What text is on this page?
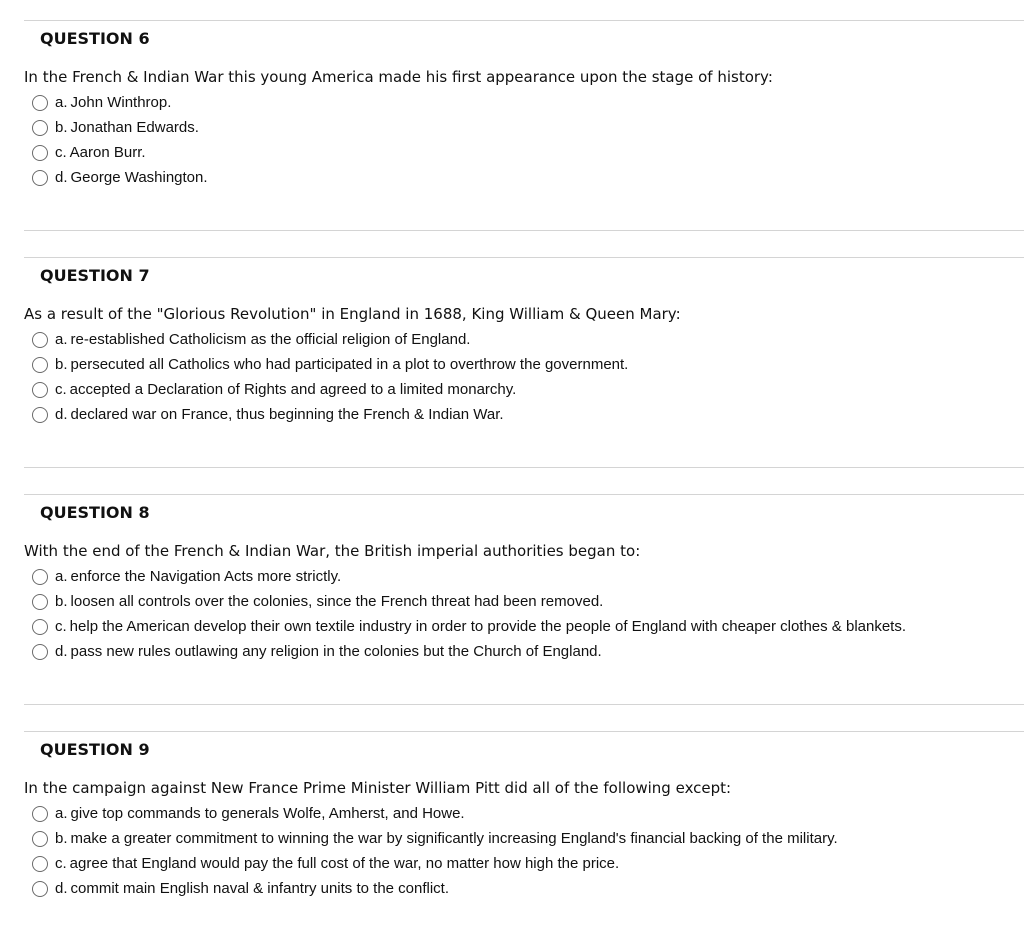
QUESTION 6
In the French & Indian War this young America made his first appearance upon the stage of history:
a. John Winthrop.
b. Jonathan Edwards.
c. Aaron Burr.
d. George Washington.
QUESTION 7
As a result of the "Glorious Revolution" in England in 1688, King William & Queen Mary:
a. re-established Catholicism as the official religion of England.
b. persecuted all Catholics who had participated in a plot to overthrow the government.
c. accepted a Declaration of Rights and agreed to a limited monarchy.
d. declared war on France, thus beginning the French & Indian War.
QUESTION 8
With the end of the French & Indian War, the British imperial authorities began to:
a. enforce the Navigation Acts more strictly.
b. loosen all controls over the colonies, since the French threat had been removed.
c. help the American develop their own textile industry in order to provide the people of England with cheaper clothes & blankets.
d. pass new rules outlawing any religion in the colonies but the Church of England.
QUESTION 9
In the campaign against New France Prime Minister William Pitt did all of the following except:
a. give top commands to generals Wolfe, Amherst, and Howe.
b. make a greater commitment to winning the war by significantly increasing England's financial backing of the military.
c. agree that England would pay the full cost of the war, no matter how high the price.
d. commit main English naval & infantry units to the conflict.
